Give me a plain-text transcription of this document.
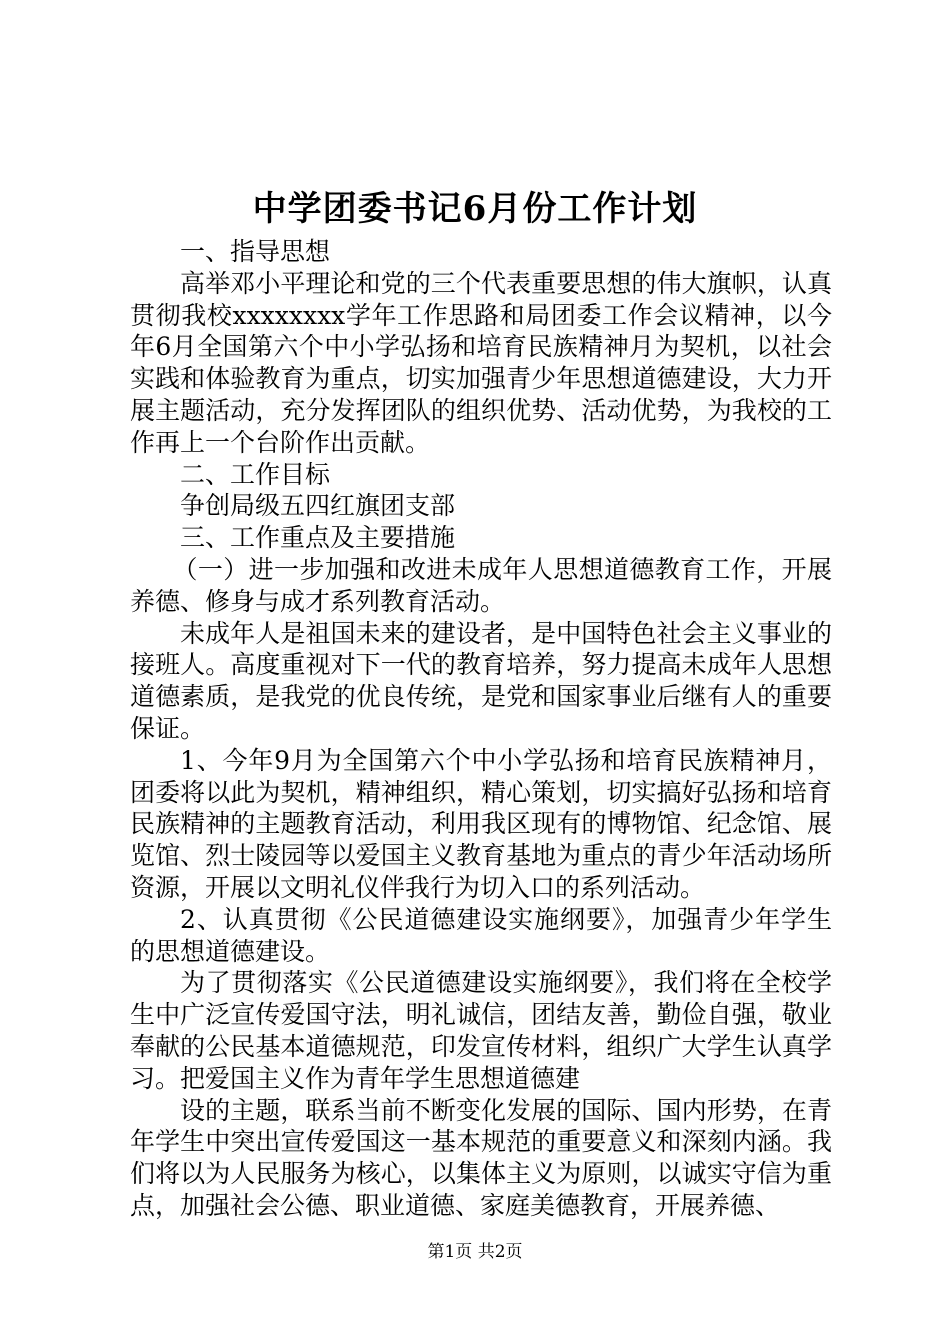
中学团委书记6月份工作计划

一、指导思想

高举邓小平理论和党的三个代表重要思想的伟大旗帜，认真贯彻我校xxxxxxxx学年工作思路和局团委工作会议精神，以今年6月全国第六个中小学弘扬和培育民族精神月为契机，以社会实践和体验教育为重点，切实加强青少年思想道德建设，大力开展主题活动，充分发挥团队的组织优势、活动优势，为我校的工作再上一个台阶作出贡献。

二、工作目标

争创局级五四红旗团支部

三、工作重点及主要措施

（一）进一步加强和改进未成年人思想道德教育工作，开展养德、修身与成才系列教育活动。

未成年人是祖国未来的建设者，是中国特色社会主义事业的接班人。高度重视对下一代的教育培养，努力提高未成年人思想道德素质，是我党的优良传统，是党和国家事业后继有人的重要保证。

1、今年9月为全国第六个中小学弘扬和培育民族精神月，团委将以此为契机，精神组织，精心策划，切实搞好弘扬和培育民族精神的主题教育活动，利用我区现有的博物馆、纪念馆、展览馆、烈士陵园等以爱国主义教育基地为重点的青少年活动场所资源，开展以文明礼仪伴我行为切入口的系列活动。

2、认真贯彻《公民道德建设实施纲要》，加强青少年学生的思想道德建设。

为了贯彻落实《公民道德建设实施纲要》，我们将在全校学生中广泛宣传爱国守法，明礼诚信，团结友善，勤俭自强，敬业奉献的公民基本道德规范，印发宣传材料，组织广大学生认真学习。把爱国主义作为青年学生思想道德建

设的主题，联系当前不断变化发展的国际、国内形势，在青年学生中突出宣传爱国这一基本规范的重要意义和深刻内涵。我们将以为人民服务为核心，以集体主义为原则，以诚实守信为重点，加强社会公德、职业道德、家庭美德教育，开展养德、

第1页 共2页
